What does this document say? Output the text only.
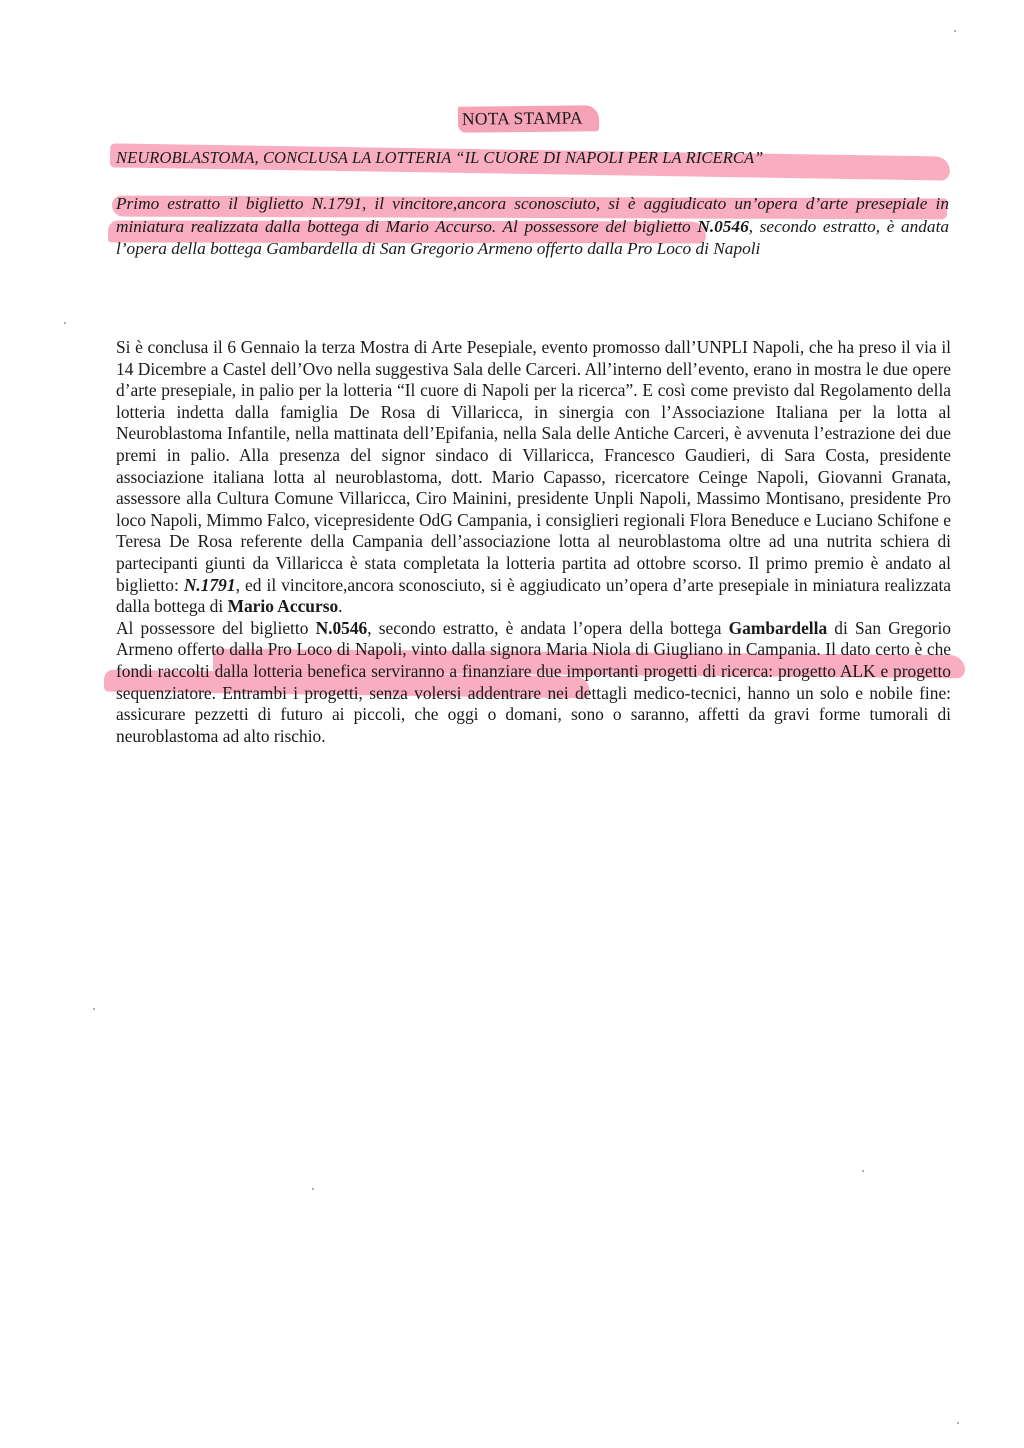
NOTA STAMPA
NEUROBLASTOMA, CONCLUSA LA LOTTERIA “IL CUORE DI NAPOLI PER LA RICERCA”
Primo estratto il biglietto N.1791, il vincitore,ancora sconosciuto, si è aggiudicato un’opera d’arte presepiale in miniatura realizzata dalla bottega di Mario Accurso. Al possessore del biglietto N.0546, secondo estratto, è andata l’opera della bottega Gambardella di San Gregorio Armeno offerto dalla Pro Loco di Napoli

Si è conclusa il 6 Gennaio la terza Mostra di Arte Pesepiale, evento promosso dall’UNPLI Napoli, che ha preso il via il 14 Dicembre a Castel dell’Ovo nella suggestiva Sala delle Carceri. All’interno dell’evento, erano in mostra le due opere d’arte presepiale, in palio per la lotteria “Il cuore di Napoli per la ricerca”. E così come previsto dal Regolamento della lotteria indetta dalla famiglia De Rosa di Villaricca, in sinergia con l’Associazione Italiana per la lotta al Neuroblastoma Infantile, nella mattinata dell’Epifania, nella Sala delle Antiche Carceri, è avvenuta l’estrazione dei due premi in palio. Alla presenza del signor sindaco di Villaricca, Francesco Gaudieri, di Sara Costa, presidente associazione italiana lotta al neuroblastoma, dott. Mario Capasso, ricercatore Ceinge Napoli, Giovanni Granata, assessore alla Cultura Comune Villaricca, Ciro Mainini, presidente Unpli Napoli, Massimo Montisano, presidente Pro loco Napoli, Mimmo Falco, vicepresidente OdG Campania, i consiglieri regionali Flora Beneduce e Luciano Schifone e Teresa De Rosa referente della Campania dell’associazione lotta al neuroblastoma oltre ad una nutrita schiera di partecipanti giunti da Villaricca è stata completata la lotteria partita ad ottobre scorso. Il primo premio è andato al biglietto: N.1791, ed il vincitore,ancora sconosciuto, si è aggiudicato un’opera d’arte presepiale in miniatura realizzata dalla bottega di Mario Accurso.

Al possessore del biglietto N.0546, secondo estratto, è andata l’opera della bottega Gambardella di San Gregorio Armeno offerto dalla Pro Loco di Napoli, vinto dalla signora Maria Niola di Giugliano in Campania. Il dato certo è che fondi raccolti dalla lotteria benefica serviranno a finanziare due importanti progetti di ricerca: progetto ALK e progetto sequenziatore. Entrambi i progetti, senza volersi addentrare nei dettagli medico-tecnici, hanno un solo e nobile fine: assicurare pezzetti di futuro ai piccoli, che oggi o domani, sono o saranno, affetti da gravi forme tumorali di neuroblastoma ad alto rischio.
